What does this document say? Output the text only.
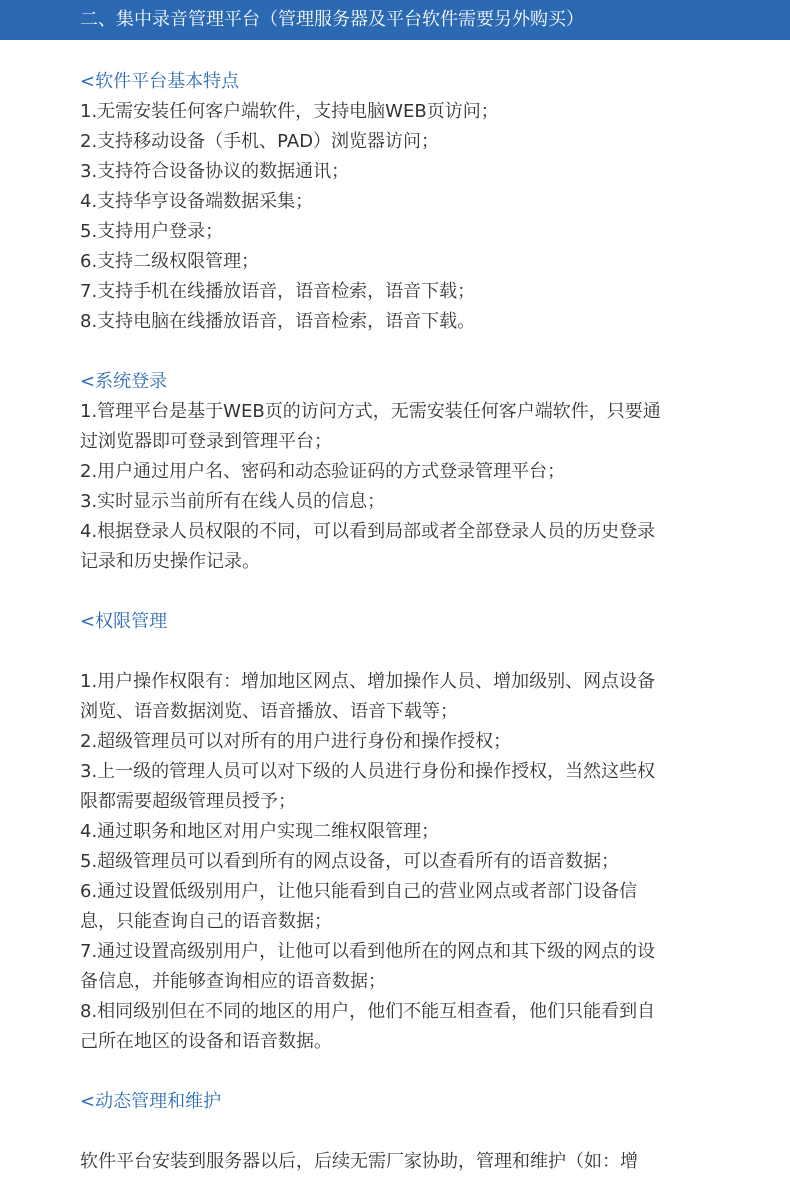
二、集中录音管理平台（管理服务器及平台软件需要另外购买）
<软件平台基本特点
1.无需安装任何客户端软件，支持电脑WEB页访问；
2.支持移动设备（手机、PAD）浏览器访问；
3.支持符合设备协议的数据通讯；
4.支持华亨设备端数据采集；
5.支持用户登录；
6.支持二级权限管理；
7.支持手机在线播放语音，语音检索，语音下载；
8.支持电脑在线播放语音，语音检索，语音下载。
<系统登录
1.管理平台是基于WEB页的访问方式，无需安装任何客户端软件，只要通
过浏览器即可登录到管理平台；
2.用户通过用户名、密码和动态验证码的方式登录管理平台；
3.实时显示当前所有在线人员的信息；
4.根据登录人员权限的不同，可以看到局部或者全部登录人员的历史登录
记录和历史操作记录。
<权限管理
1.用户操作权限有：增加地区网点、增加操作人员、增加级别、网点设备
浏览、语音数据浏览、语音播放、语音下载等；
2.超级管理员可以对所有的用户进行身份和操作授权；
3.上一级的管理人员可以对下级的人员进行身份和操作授权，当然这些权
限都需要超级管理员授予；
4.通过职务和地区对用户实现二维权限管理；
5.超级管理员可以看到所有的网点设备，可以查看所有的语音数据；
6.通过设置低级别用户，让他只能看到自己的营业网点或者部门设备信
息，只能查询自己的语音数据；
7.通过设置高级别用户，让他可以看到他所在的网点和其下级的网点的设
备信息，并能够查询相应的语音数据；
8.相同级别但在不同的地区的用户，他们不能互相查看，他们只能看到自
己所在地区的设备和语音数据。
<动态管理和维护
软件平台安装到服务器以后，后续无需厂家协助，管理和维护（如：增
